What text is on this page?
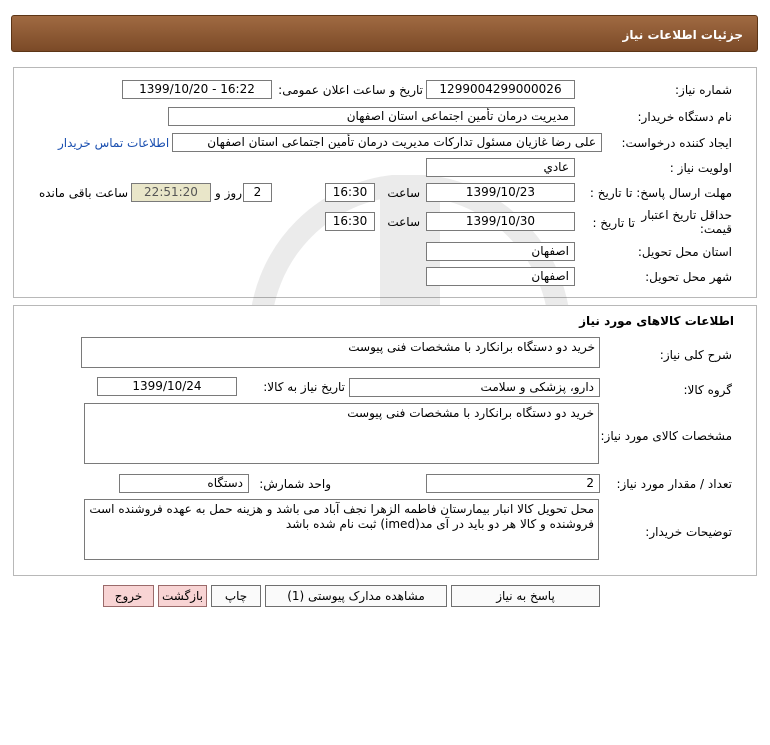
جزئیات اطلاعات نیاز
شماره نیاز:
1299004299000026
تاریخ و ساعت اعلان عمومی:
1399/10/20 - 16:22
نام دستگاه خریدار:
مدیریت درمان تأمین اجتماعی استان اصفهان
ایجاد کننده درخواست:
علی رضا غازیان مسئول تدارکات مدیریت درمان تأمین اجتماعی استان اصفهان
اطلاعات تماس خریدار
اولویت نیاز :
عادي
مهلت ارسال پاسخ: تا تاریخ :
1399/10/23
ساعت
16:30
2
روز و
22:51:20
ساعت باقی مانده
حداقل تاریخ اعتبار قیمت:
تا تاریخ :
1399/10/30
ساعت
16:30
استان محل تحویل:
اصفهان
شهر محل تحویل:
اصفهان
اطلاعات کالاهای مورد نیاز
شرح کلی نیاز:
خرید دو دستگاه برانکارد با مشخصات فنی پیوست
گروه کالا:
دارو، پزشکی و سلامت
تاریخ نیاز به کالا:
1399/10/24
مشخصات کالای مورد نیاز:
خرید دو دستگاه برانکارد با مشخصات فنی پیوست
تعداد / مقدار مورد نیاز:
2
واحد شمارش:
دستگاه
توضیحات خریدار:
محل تحویل کالا انبار بیمارستان فاطمه الزهرا نجف آباد می باشد و هزینه حمل به عهده فروشنده است فروشنده و کالا هر دو باید در آی مد(imed) ثبت نام شده باشد
پاسخ به نیاز
مشاهده مدارک پیوستی (1)
چاپ
بازگشت
خروج
